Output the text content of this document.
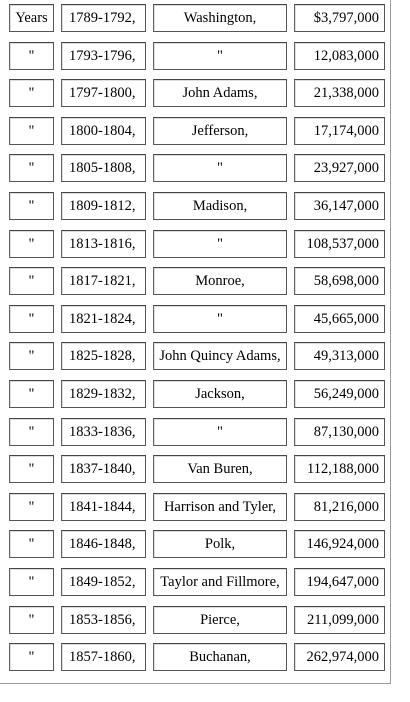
Years	1789-1792,	Washington,	$3,797,000
"	1793-1796,	"	12,083,000
"	1797-1800,	John Adams,	21,338,000
"	1800-1804,	Jefferson,	17,174,000
"	1805-1808,	"	23,927,000
"	1809-1812,	Madison,	36,147,000
"	1813-1816,	"	108,537,000
"	1817-1821,	Monroe,	58,698,000
"	1821-1824,	"	45,665,000
"	1825-1828,	John Quincy Adams,	49,313,000
"	1829-1832,	Jackson,	56,249,000
"	1833-1836,	"	87,130,000
"	1837-1840,	Van Buren,	112,188,000
"	1841-1844,	Harrison and Tyler,	81,216,000
"	1846-1848,	Polk,	146,924,000
"	1849-1852,	Taylor and Fillmore,	194,647,000
"	1853-1856,	Pierce,	211,099,000
"	1857-1860,	Buchanan,	262,974,000
